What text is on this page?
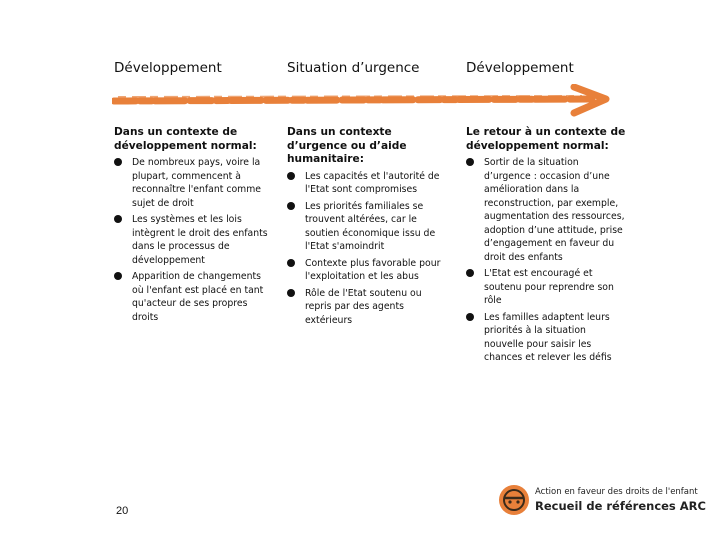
Développement	Situation d’urgence	Développement
Dans un contexte de développement normal:
De nombreux pays, voire la plupart, commencent à reconnaître l'enfant comme sujet de droit
Les systèmes et les lois intègrent le droit des enfants dans le processus de développement
Apparition de changements où l'enfant est placé en tant qu'acteur de ses propres droits
Dans un contexte d’urgence ou d’aide humanitaire:
Les capacités et l'autorité de l'Etat sont compromises
Les priorités familiales se trouvent altérées, car le soutien économique issu de l'Etat s'amoindrit
Contexte plus favorable pour l'exploitation et les abus
Rôle de l'Etat soutenu ou repris par des agents extérieurs
Le retour à un contexte de développement normal:
Sortir de la situation d’urgence : occasion d’une amélioration dans la reconstruction, par exemple, augmentation des ressources, adoption d’une attitude, prise d’engagement en faveur du droit des enfants
L'Etat est encouragé et soutenu pour reprendre son rôle
Les familles adaptent leurs priorités à la situation nouvelle pour saisir les chances et relever les défis
20
Action en faveur des droits de l'enfant
Recueil de références ARC
